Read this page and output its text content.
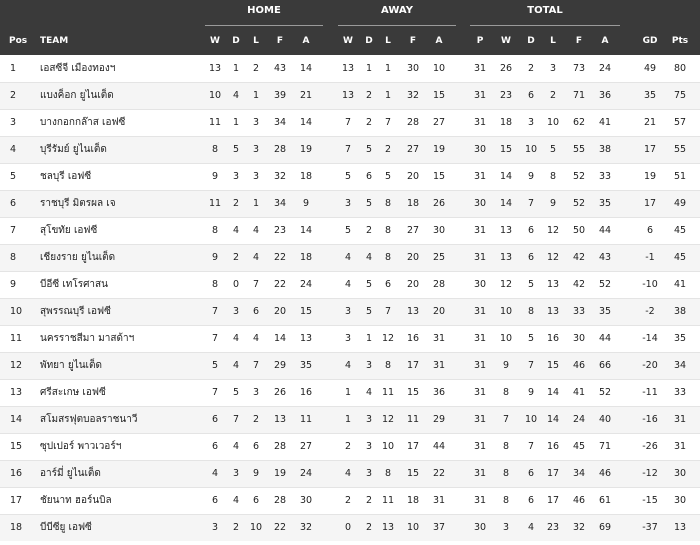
HOME	AWAY	TOTAL
Pos TEAM	W	D	L	F	A	W	D	L	F	A	P	W	D	L	F	A	GD	Pts
1 เอสซีจี เมืองทองฯ	13	1	2	43	14	13	1	1	30	10	31	26	2	3	73	24	49	80
2 แบงค็อก ยูไนเต็ด	10	4	1	39	21	13	2	1	32	15	31	23	6	2	71	36	35	75
3 บางกอกกล๊าส เอฟซี	11	1	3	34	14	7	2	7	28	27	31	18	3	10	62	41	21	57
4 บุรีรัมย์ ยูไนเต็ด	8	5	3	28	19	7	5	2	27	19	30	15	10	5	55	38	17	55
5 ชลบุรี เอฟซี	9	3	3	32	18	5	6	5	20	15	31	14	9	8	52	33	19	51
6 ราชบุรี มิตรผล เจ	11	2	1	34	9	3	5	8	18	26	30	14	7	9	52	35	17	49
7 สุโขทัย เอฟซี	8	4	4	23	14	5	2	8	27	30	31	13	6	12	50	44	6	45
8 เชียงราย ยูไนเต็ด	9	2	4	22	18	4	4	8	20	25	31	13	6	12	42	43	-1	45
9 บีอีซี เทโรศาสน	8	0	7	22	24	4	5	6	20	28	30	12	5	13	42	52	-10	41
10 สุพรรณบุรี เอฟซี	7	3	6	20	15	3	5	7	13	20	31	10	8	13	33	35	-2	38
11 นครราชสีมา มาสด้าฯ	7	4	4	14	13	3	1	12	16	31	31	10	5	16	30	44	-14	35
12 พัทยา ยูไนเต็ด	5	4	7	29	35	4	3	8	17	31	31	9	7	15	46	66	-20	34
13 ศรีสะเกษ เอฟซี	7	5	3	26	16	1	4	11	15	36	31	8	9	14	41	52	-11	33
14 สโมสรฟุตบอลราชนาวี	6	7	2	13	11	1	3	12	11	29	31	7	10	14	24	40	-16	31
15 ซุปเปอร์ พาวเวอร์ฯ	6	4	6	28	27	2	3	10	17	44	31	8	7	16	45	71	-26	31
16 อาร์มี่ ยูไนเต็ด	4	3	9	19	24	4	3	8	15	22	31	8	6	17	34	46	-12	30
17 ชัยนาท ฮอร์นบิล	6	4	6	28	30	2	2	11	18	31	31	8	6	17	46	61	-15	30
18 บีบีซียู เอฟซี	3	2	10	22	32	0	2	13	10	37	30	3	4	23	32	69	-37	13
